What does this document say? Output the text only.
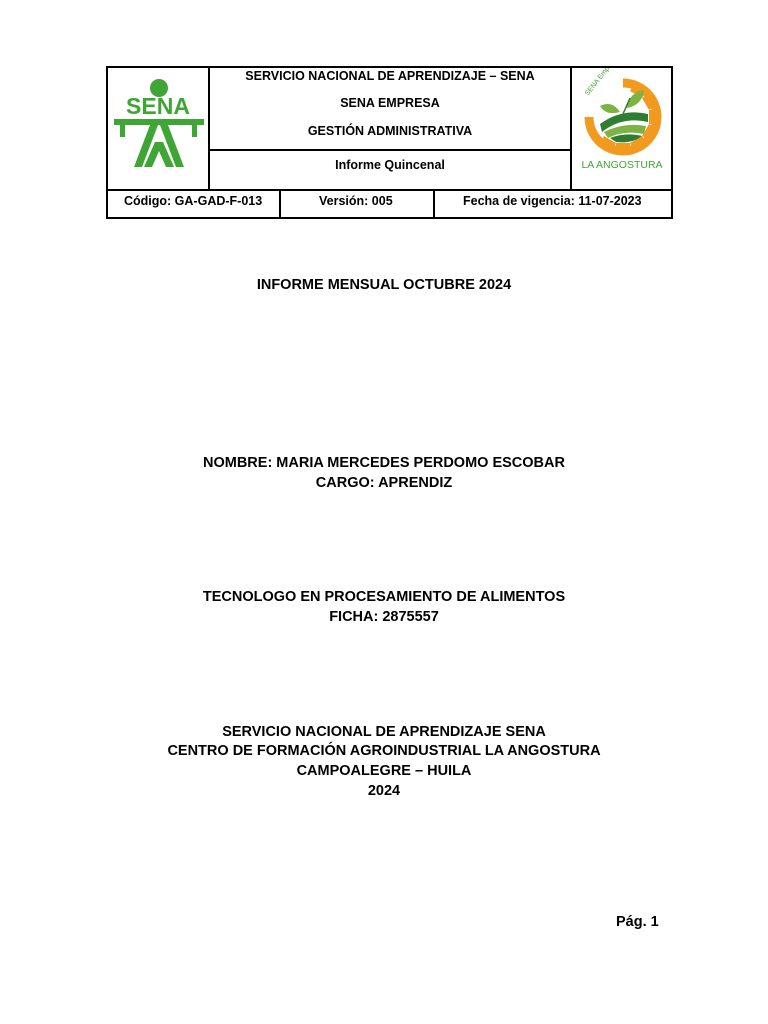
SENA
SERVICIO NACIONAL DE APRENDIZAJE – SENA
SENA EMPRESA
GESTIÓN ADMINISTRATIVA
Informe Quincenal
SENA Empresa
LA ANGOSTURA
Código: GA-GAD-F-013	Versión: 005	Fecha de vigencia: 11-07-2023
INFORME MENSUAL OCTUBRE 2024
NOMBRE: MARIA MERCEDES PERDOMO ESCOBAR
CARGO: APRENDIZ
TECNOLOGO EN PROCESAMIENTO DE ALIMENTOS
FICHA: 2875557
SERVICIO NACIONAL DE APRENDIZAJE SENA
CENTRO DE FORMACIÓN AGROINDUSTRIAL LA ANGOSTURA
CAMPOALEGRE – HUILA
2024
Pág. 1
